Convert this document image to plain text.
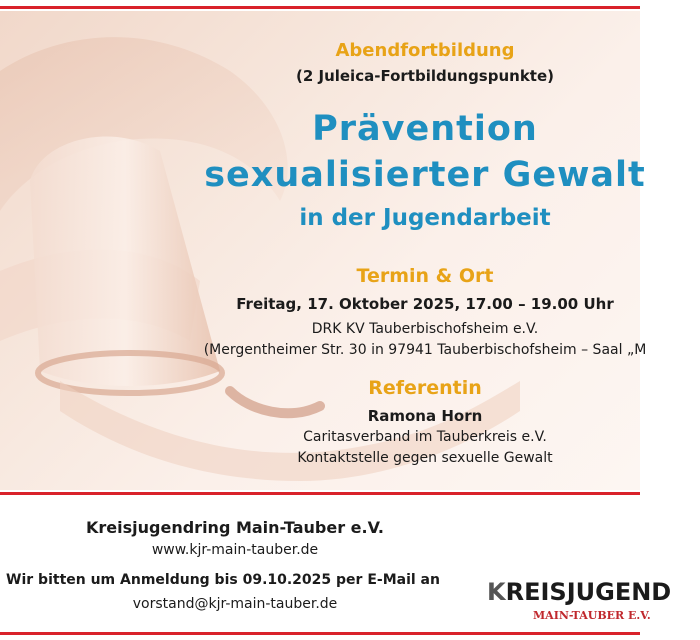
Abendfortbildung
(2 Juleica-Fortbildungspunkte)
Prävention
sexualisierter Gewalt
in der Jugendarbeit
Termin & Ort
Freitag, 17. Oktober 2025, 17.00 – 19.00 Uhr
DRK KV Tauberbischofsheim e.V.
(Mergentheimer Str. 30 in 97941 Tauberbischofsheim – Saal „M
Referentin
Ramona Horn
Caritasverband im Tauberkreis e.V.
Kontaktstelle gegen sexuelle Gewalt
Kreisjugendring Main-Tauber e.V.
www.kjr-main-tauber.de
Wir bitten um Anmeldung bis 09.10.2025 per E-Mail an
vorstand@kjr-main-tauber.de	KREISJUGEND
MAIN-TAUBER E.V.
